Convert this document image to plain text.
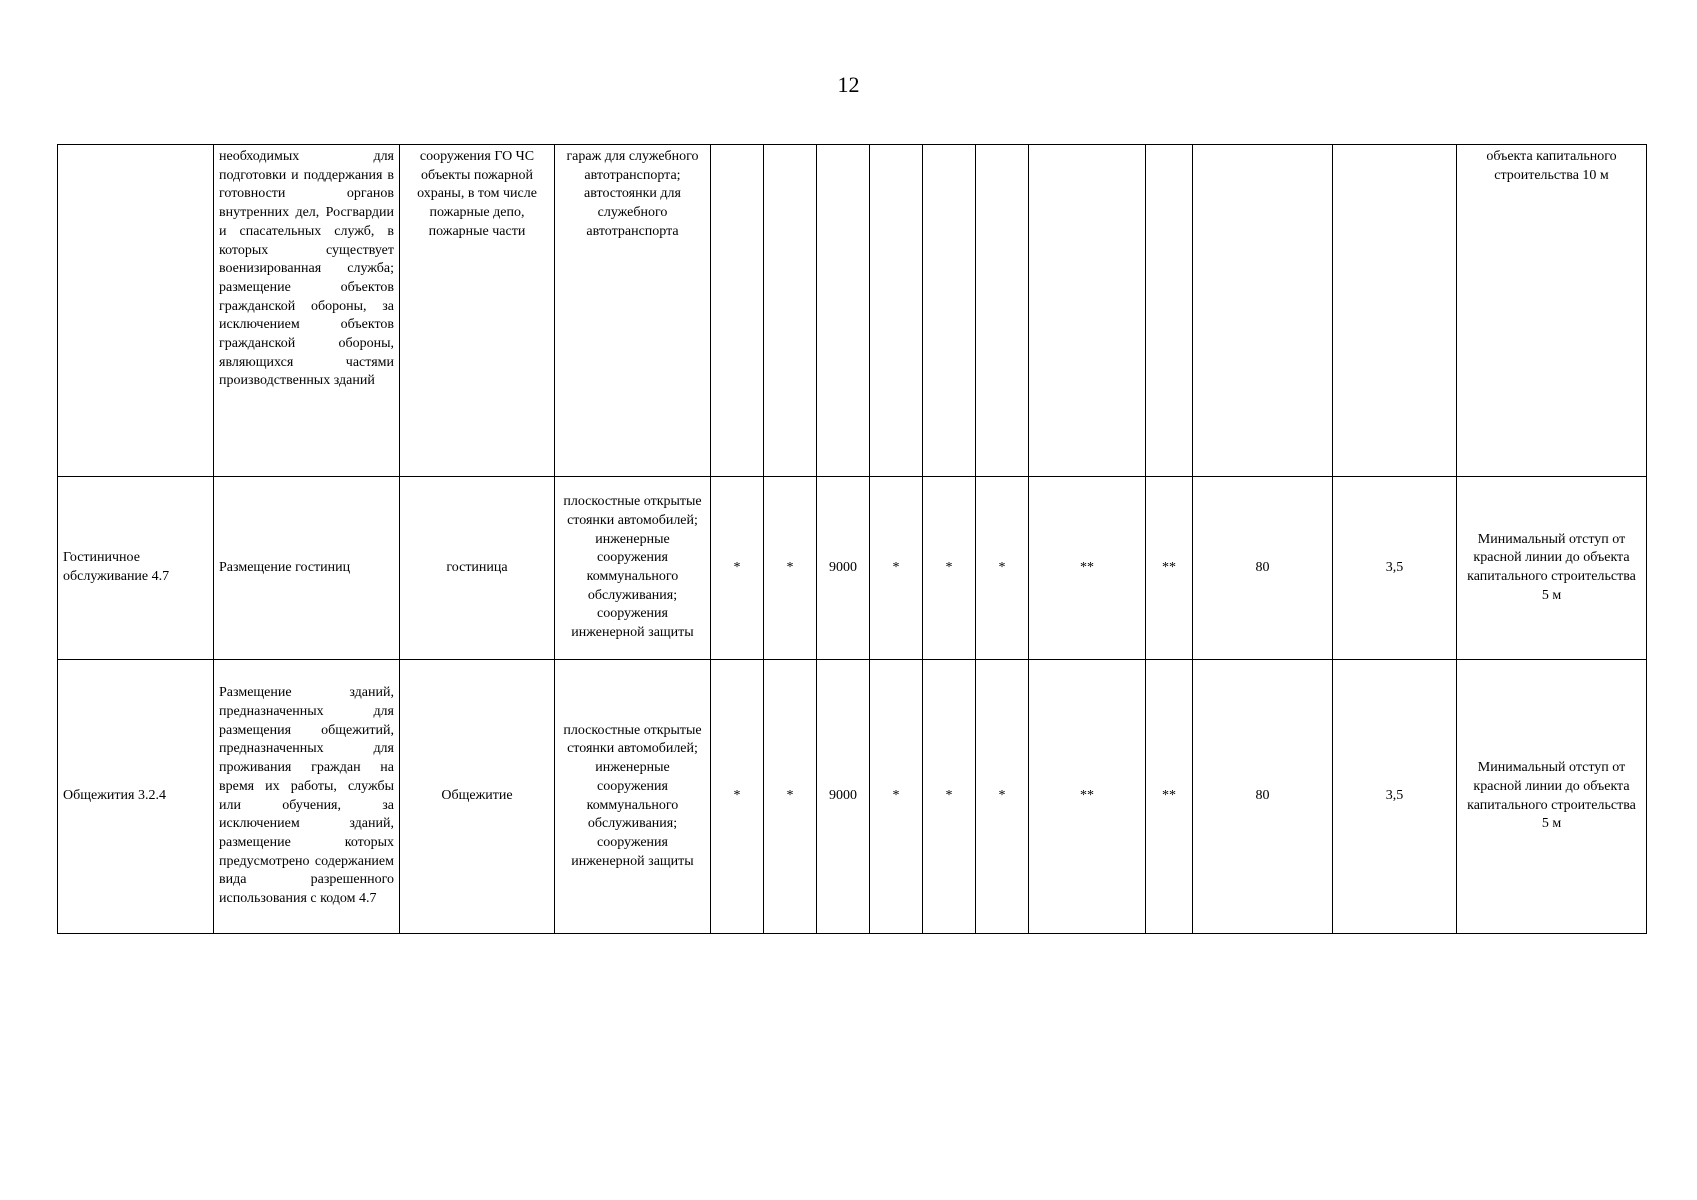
12
	необходимых для подготовки и поддержания в готовности органов внутренних дел, Росгвардии и спасательных служб, в которых существует военизированная служба; размещение объектов гражданской обороны, за исключением объектов гражданской обороны, являющихся частями производственных зданий	сооружения ГО ЧС объекты пожарной охраны, в том числе пожарные депо, пожарные части	гараж для служебного автотранспорта; автостоянки для служебного автотранспорта											объекта капитального строительства 10 м
Гостиничное обслуживание 4.7	Размещение гостиниц	гостиница	плоскостные открытые стоянки автомобилей; инженерные сооружения коммунального обслуживания; сооружения инженерной защиты	*	*	9000	*	*	*	**	**	80	3,5	Минимальный отступ от красной линии до объекта капитального строительства 5 м
Общежития 3.2.4	Размещение зданий, предназначенных для размещения общежитий, предназначенных для проживания граждан на время их работы, службы или обучения, за исключением зданий, размещение которых предусмотрено содержанием вида разрешенного использования с кодом 4.7	Общежитие	плоскостные открытые стоянки автомобилей; инженерные сооружения коммунального обслуживания; сооружения инженерной защиты	*	*	9000	*	*	*	**	**	80	3,5	Минимальный отступ от красной линии до объекта капитального строительства 5 м
